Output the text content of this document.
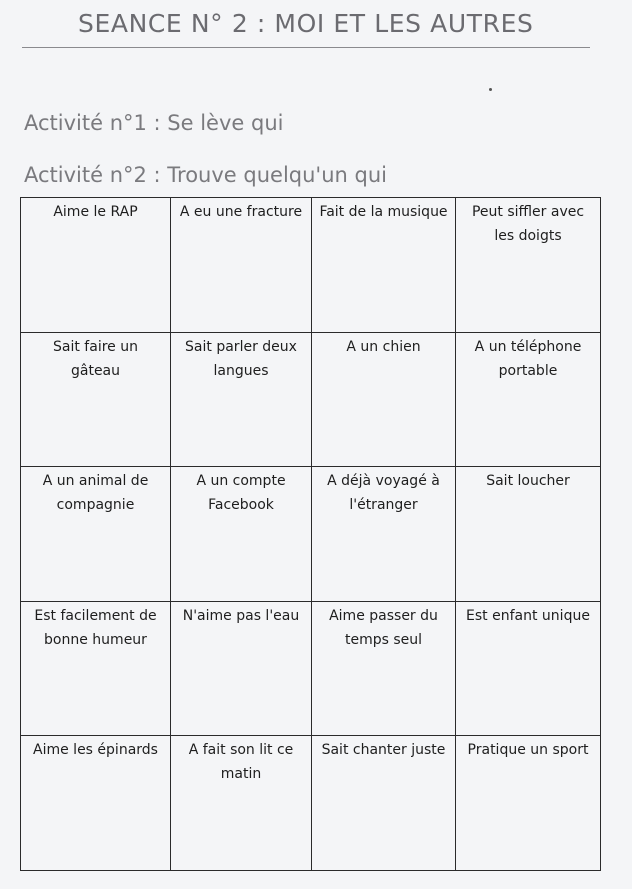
SEANCE N° 2 : MOI ET LES AUTRES
Activité n°1 : Se lève qui
Activité n°2 : Trouve quelqu'un qui
Aime le RAP	A eu une fracture	Fait de la musique	Peut siffler avec les doigts
Sait faire un gâteau	Sait parler deux langues	A un chien	A un téléphone portable
A un animal de compagnie	A un compte Facebook	A déjà voyagé à l'étranger	Sait loucher
Est facilement de bonne humeur	N'aime pas l'eau	Aime passer du temps seul	Est enfant unique
Aime les épinards	A fait son lit ce matin	Sait chanter juste	Pratique un sport
